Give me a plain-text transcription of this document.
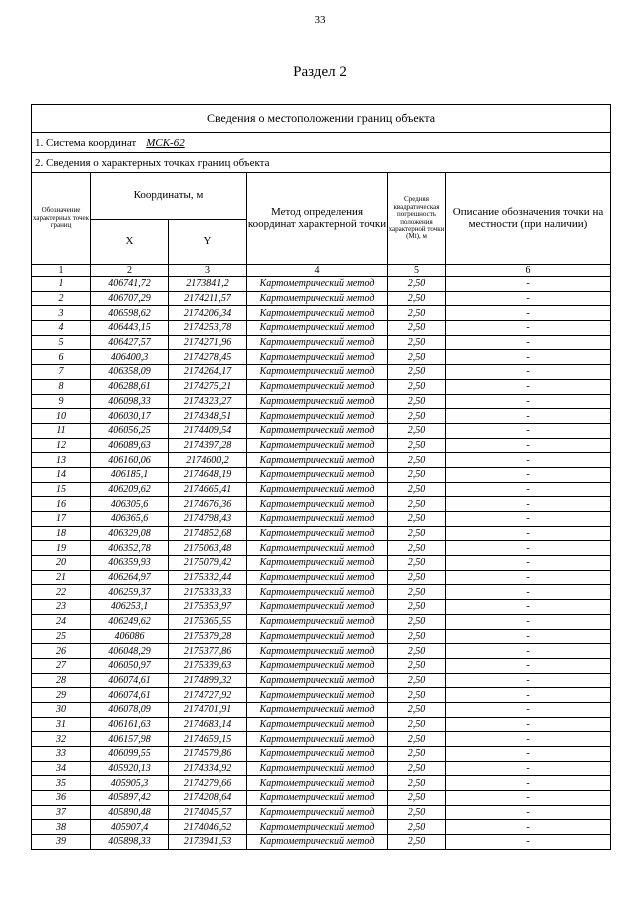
33
Раздел 2
Сведения о местоположении границ объекта					
1. Система координат МСК-62					
2. Сведения о характерных точках границ объекта					
Обозначение характерных точек границ	Координаты, м		Метод определения координат характерной точки	Средняя квадратическая погрешность положения характерной точки (Mt), м	Описание обозначения точки на местности (при наличии)
	X	Y			
1	2	3	4	5	6
1	406741,72	2173841,2	Картометрический метод	2,50	-
2	406707,29	2174211,57	Картометрический метод	2,50	-
3	406598,62	2174206,34	Картометрический метод	2,50	-
4	406443,15	2174253,78	Картометрический метод	2,50	-
5	406427,57	2174271,96	Картометрический метод	2,50	-
6	406400,3	2174278,45	Картометрический метод	2,50	-
7	406358,09	2174264,17	Картометрический метод	2,50	-
8	406288,61	2174275,21	Картометрический метод	2,50	-
9	406098,33	2174323,27	Картометрический метод	2,50	-
10	406030,17	2174348,51	Картометрический метод	2,50	-
11	406056,25	2174409,54	Картометрический метод	2,50	-
12	406089,63	2174397,28	Картометрический метод	2,50	-
13	406160,06	2174600,2	Картометрический метод	2,50	-
14	406185,1	2174648,19	Картометрический метод	2,50	-
15	406209,62	2174665,41	Картометрический метод	2,50	-
16	406305,6	2174676,36	Картометрический метод	2,50	-
17	406365,6	2174798,43	Картометрический метод	2,50	-
18	406329,08	2174852,68	Картометрический метод	2,50	-
19	406352,78	2175063,48	Картометрический метод	2,50	-
20	406359,93	2175079,42	Картометрический метод	2,50	-
21	406264,97	2175332,44	Картометрический метод	2,50	-
22	406259,37	2175333,33	Картометрический метод	2,50	-
23	406253,1	2175353,97	Картометрический метод	2,50	-
24	406249,62	2175365,55	Картометрический метод	2,50	-
25	406086	2175379,28	Картометрический метод	2,50	-
26	406048,29	2175377,86	Картометрический метод	2,50	-
27	406050,97	2175339,63	Картометрический метод	2,50	-
28	406074,61	2174899,32	Картометрический метод	2,50	-
29	406074,61	2174727,92	Картометрический метод	2,50	-
30	406078,09	2174701,91	Картометрический метод	2,50	-
31	406161,63	2174683,14	Картометрический метод	2,50	-
32	406157,98	2174659,15	Картометрический метод	2,50	-
33	406099,55	2174579,86	Картометрический метод	2,50	-
34	405920,13	2174334,92	Картометрический метод	2,50	-
35	405905,3	2174279,66	Картометрический метод	2,50	-
36	405897,42	2174208,64	Картометрический метод	2,50	-
37	405890,48	2174045,57	Картометрический метод	2,50	-
38	405907,4	2174046,52	Картометрический метод	2,50	-
39	405898,33	2173941,53	Картометрический метод	2,50	-
